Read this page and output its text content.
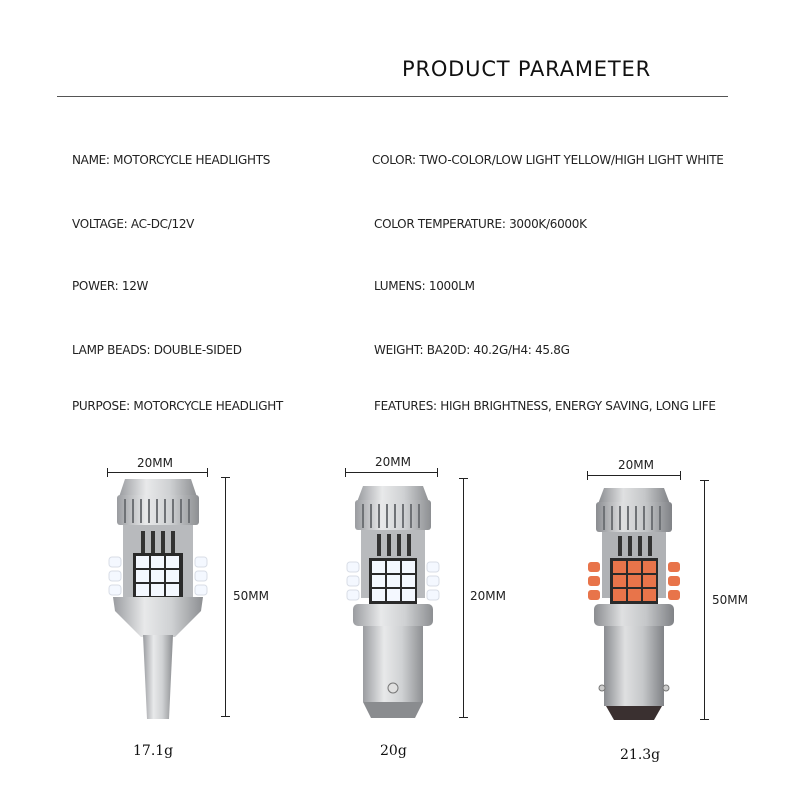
PRODUCT PARAMETER
NAME: MOTORCYCLE HEADLIGHTS
VOLTAGE: AC-DC/12V
POWER: 12W
LAMP BEADS: DOUBLE-SIDED
PURPOSE: MOTORCYCLE HEADLIGHT
COLOR: TWO-COLOR/LOW LIGHT YELLOW/HIGH LIGHT WHITE
COLOR TEMPERATURE: 3000K/6000K
LUMENS: 1000LM
WEIGHT: BA20D: 40.2G/H4: 45.8G
FEATURES: HIGH BRIGHTNESS, ENERGY SAVING, LONG LIFE
20MM
50MM
17.1g
20MM
20MM
20g
20MM
50MM
21.3g
